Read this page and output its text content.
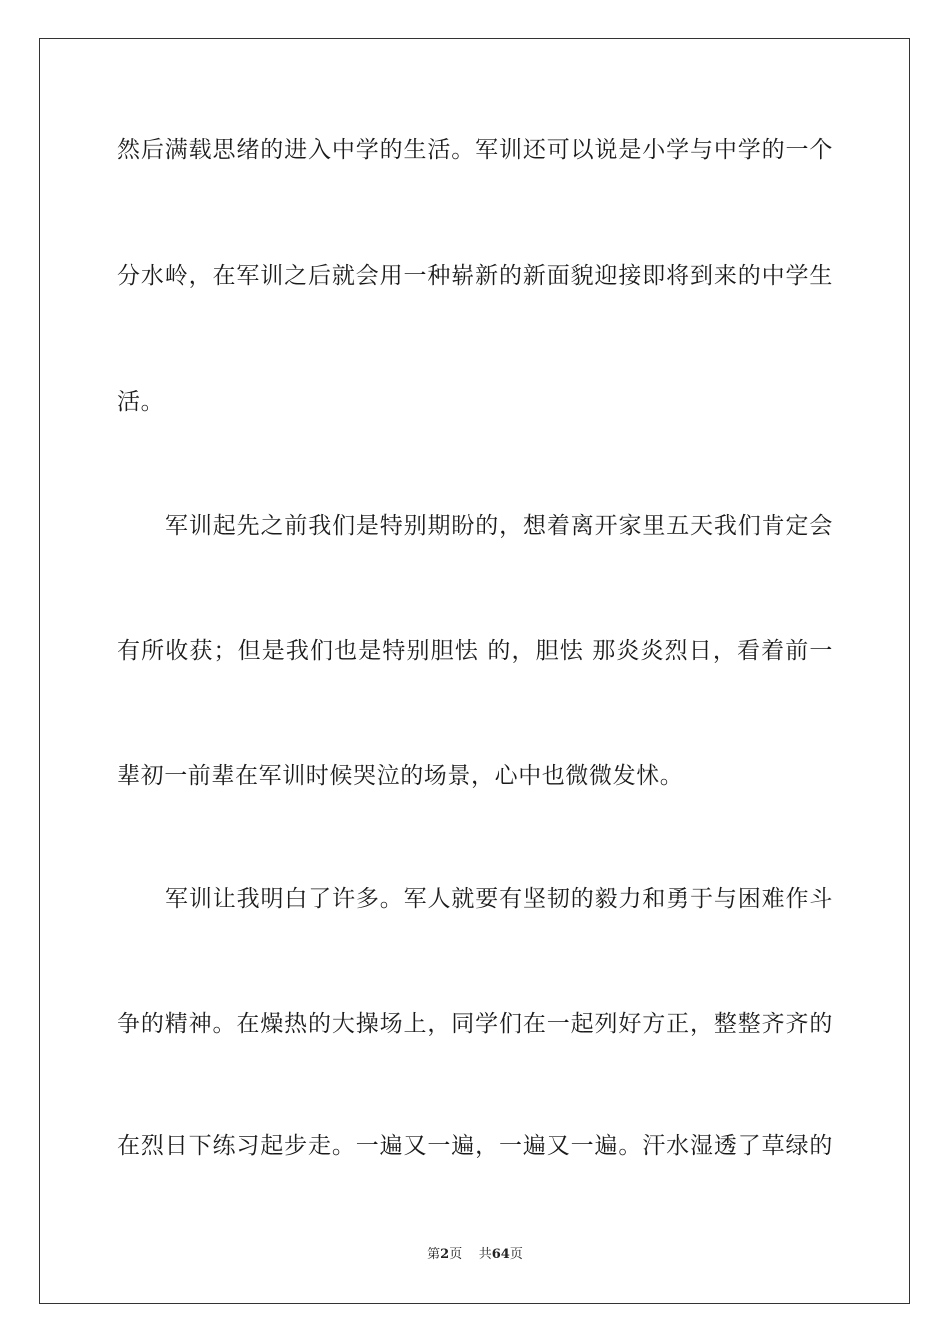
然后满载思绪的进入中学的生活。军训还可以说是小学与中学的一个
分水岭，在军训之后就会用一种崭新的新面貌迎接即将到来的中学生
活。
军训起先之前我们是特别期盼的，想着离开家里五天我们肯定会
有所收获；但是我们也是特别胆怯 的，胆怯 那炎炎烈日，看着前一
辈初一前辈在军训时候哭泣的场景，心中也微微发怵。
军训让我明白了许多。军人就要有坚韧的毅力和勇于与困难作斗
争的精神。在燥热的大操场上，同学们在一起列好方正，整整齐齐的
在烈日下练习起步走。一遍又一遍，一遍又一遍。汗水湿透了草绿的
第2页 共64页
